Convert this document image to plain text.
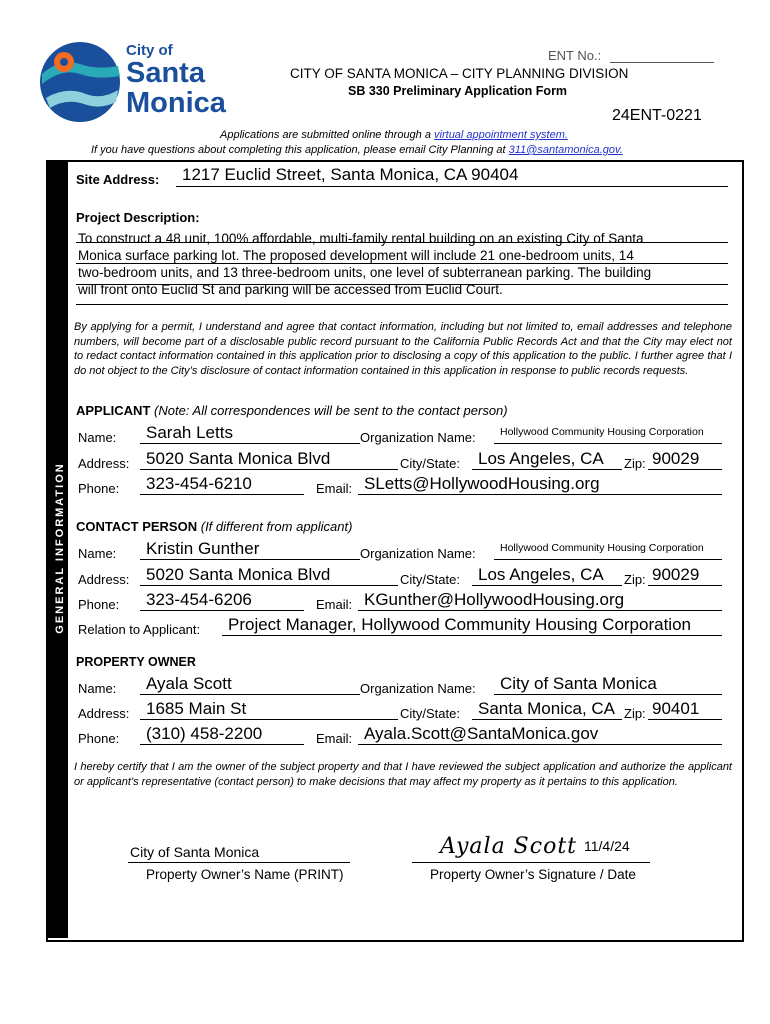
City of
Santa
Monica
ENT No.:
CITY OF SANTA MONICA – CITY PLANNING DIVISION
SB 330 Preliminary Application Form
24ENT-0221
Applications are submitted online through a virtual appointment system.
If you have questions about completing this application, please email City Planning at 311@santamonica.gov.
GENERAL INFORMATION
Site Address: 1217 Euclid Street, Santa Monica, CA 90404
Project Description:
To construct a 48 unit, 100% affordable, multi-family rental building on an existing City of Santa
Monica surface parking lot. The proposed development will include 21 one-bedroom units, 14
two-bedroom units, and 13 three-bedroom units, one level of subterranean parking. The building
will front onto Euclid St and parking will be accessed from Euclid Court.
By applying for a permit, I understand and agree that contact information, including but not limited to, email addresses and telephone numbers, will become part of a disclosable public record pursuant to the California Public Records Act and that the City may elect not to redact contact information contained in this application prior to disclosing a copy of this application to the public. I further agree that I do not object to the City’s disclosure of contact information contained in this application in response to public records requests.
APPLICANT (Note: All correspondences will be sent to the contact person)
Name: Sarah Letts	Organization Name: Hollywood Community Housing Corporation
Address: 5020 Santa Monica Blvd	City/State: Los Angeles, CA Zip: 90029
Phone: 323-454-6210	Email: SLetts@HollywoodHousing.org
CONTACT PERSON (If different from applicant)
Name: Kristin Gunther	Organization Name: Hollywood Community Housing Corporation
Address: 5020 Santa Monica Blvd	City/State: Los Angeles, CA Zip: 90029
Phone: 323-454-6206	Email: KGunther@HollywoodHousing.org
Relation to Applicant: Project Manager, Hollywood Community Housing Corporation
PROPERTY OWNER
Name: Ayala Scott	Organization Name: City of Santa Monica
Address: 1685 Main St	City/State: Santa Monica, CA Zip: 90401
Phone: (310) 458-2200	Email: Ayala.Scott@SantaMonica.gov
I hereby certify that I am the owner of the subject property and that I have reviewed the subject application and authorize the applicant or applicant’s representative (contact person) to make decisions that may affect my property as it pertains to this application.
City of Santa Monica
Property Owner’s Name (PRINT)
Ayala Scott 11/4/24
Property Owner’s Signature / Date
